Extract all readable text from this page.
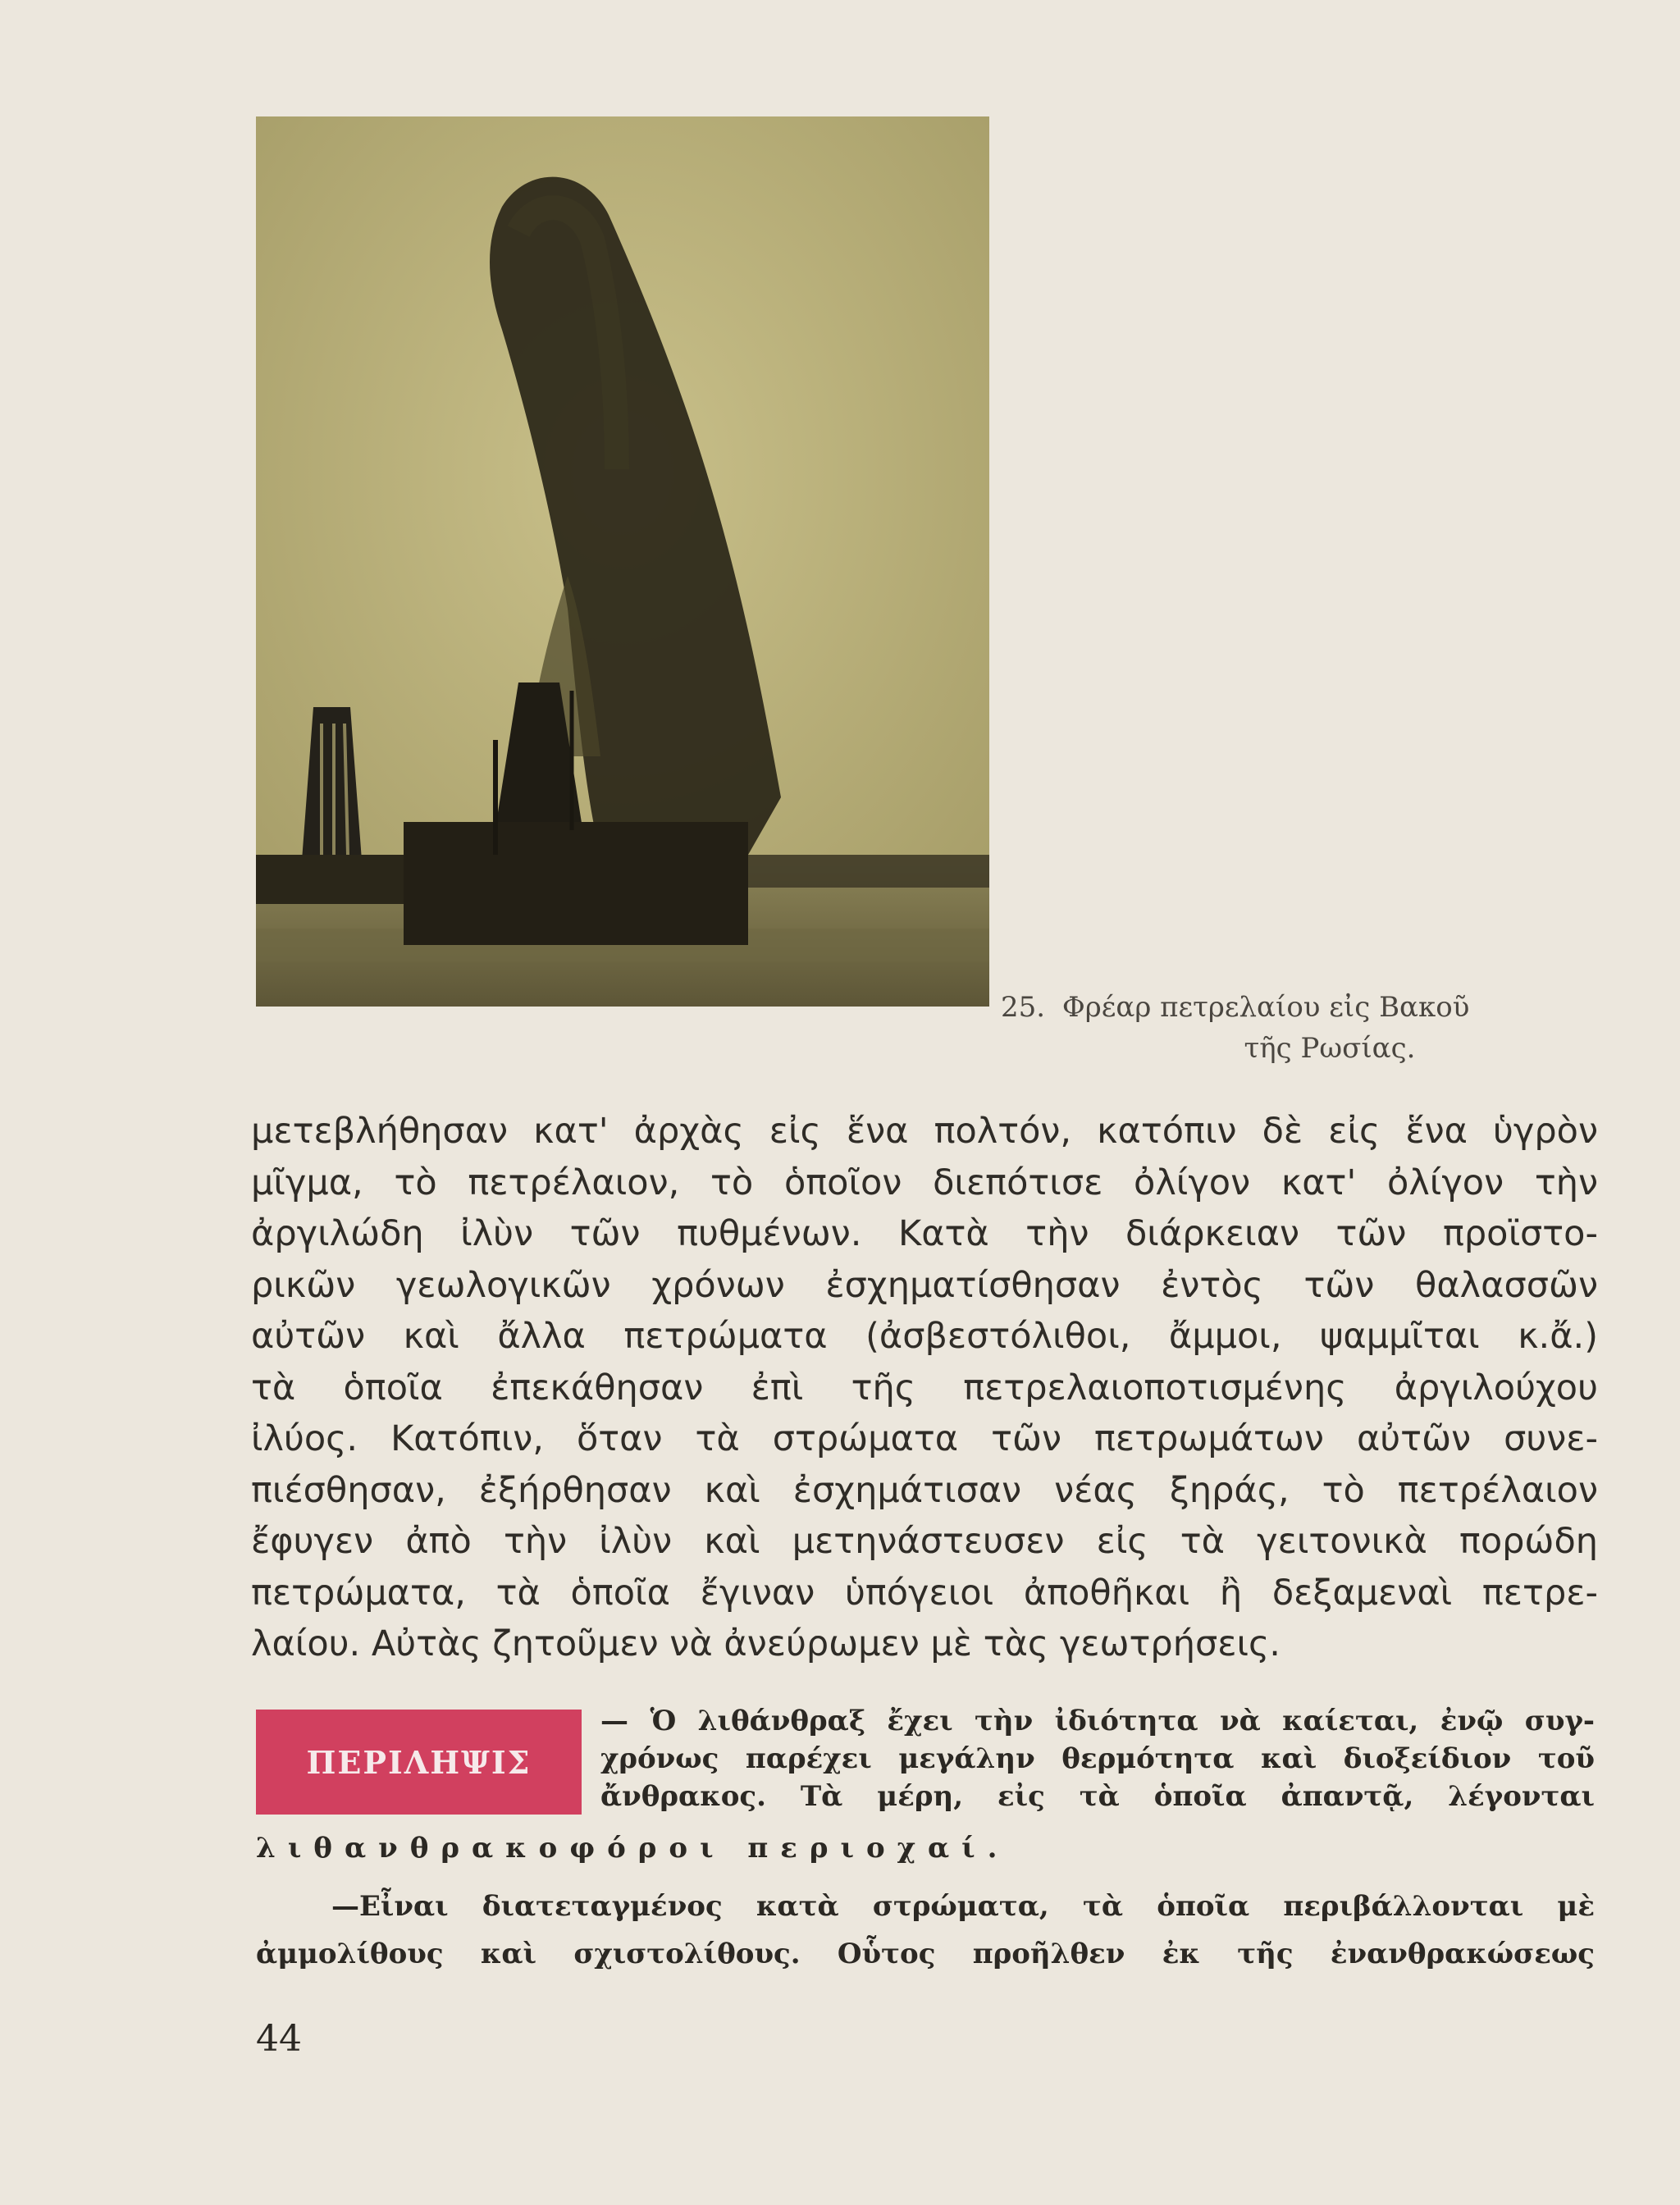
25. Φρέαρ πετρελαίου εἰς Βακοῦ
τῆς Ρωσίας.
μετεβλήθησαν κατ' ἀρχὰς εἰς ἕνα πολτόν, κατόπιν δὲ εἰς ἕνα ὑγρὸν
μῖγμα, τὸ πετρέλαιον, τὸ ὁποῖον διεπότισε ὀλίγον κατ' ὀλίγον τὴν
ἀργιλώδη ἰλὺν τῶν πυθμένων. Κατὰ τὴν διάρκειαν τῶν προϊστο-
ρικῶν γεωλογικῶν χρόνων ἐσχηματίσθησαν ἐντὸς τῶν θαλασσῶν
αὐτῶν καὶ ἄλλα πετρώματα (ἀσβεστόλιθοι, ἄμμοι, ψαμμῖται κ.ἄ.)
τὰ ὁποῖα ἐπεκάθησαν ἐπὶ τῆς πετρελαιοποτισμένης ἀργιλούχου
ἰλύος. Κατόπιν, ὅταν τὰ στρώματα τῶν πετρωμάτων αὐτῶν συνε-
πιέσθησαν, ἐξήρθησαν καὶ ἐσχημάτισαν νέας ξηράς, τὸ πετρέλαιον
ἔφυγεν ἀπὸ τὴν ἰλὺν καὶ μετηνάστευσεν εἰς τὰ γειτονικὰ πορώδη
πετρώματα, τὰ ὁποῖα ἔγιναν ὑπόγειοι ἀποθῆκαι ἢ δεξαμεναὶ πετρε-
λαίου. Αὐτὰς ζητοῦμεν νὰ ἀνεύρωμεν μὲ τὰς γεωτρήσεις.
ΠΕΡΙΛΗΨΙΣ
— Ὁ λιθάνθραξ ἔχει τὴν ἰδιότητα νὰ καίεται, ἐνῷ συγ-
χρόνως παρέχει μεγάλην θερμότητα καὶ διοξείδιον τοῦ
ἄνθρακος. Τὰ μέρη, εἰς τὰ ὁποῖα ἀπαντᾷ, λέγονται
λιθανθρακοφόροι περιοχαί.
—Εἶναι διατεταγμένος κατὰ στρώματα, τὰ ὁποῖα περιβάλλονται μὲ
ἀμμολίθους καὶ σχιστολίθους. Οὗτος προῆλθεν ἐκ τῆς ἐνανθρακώσεως
44
